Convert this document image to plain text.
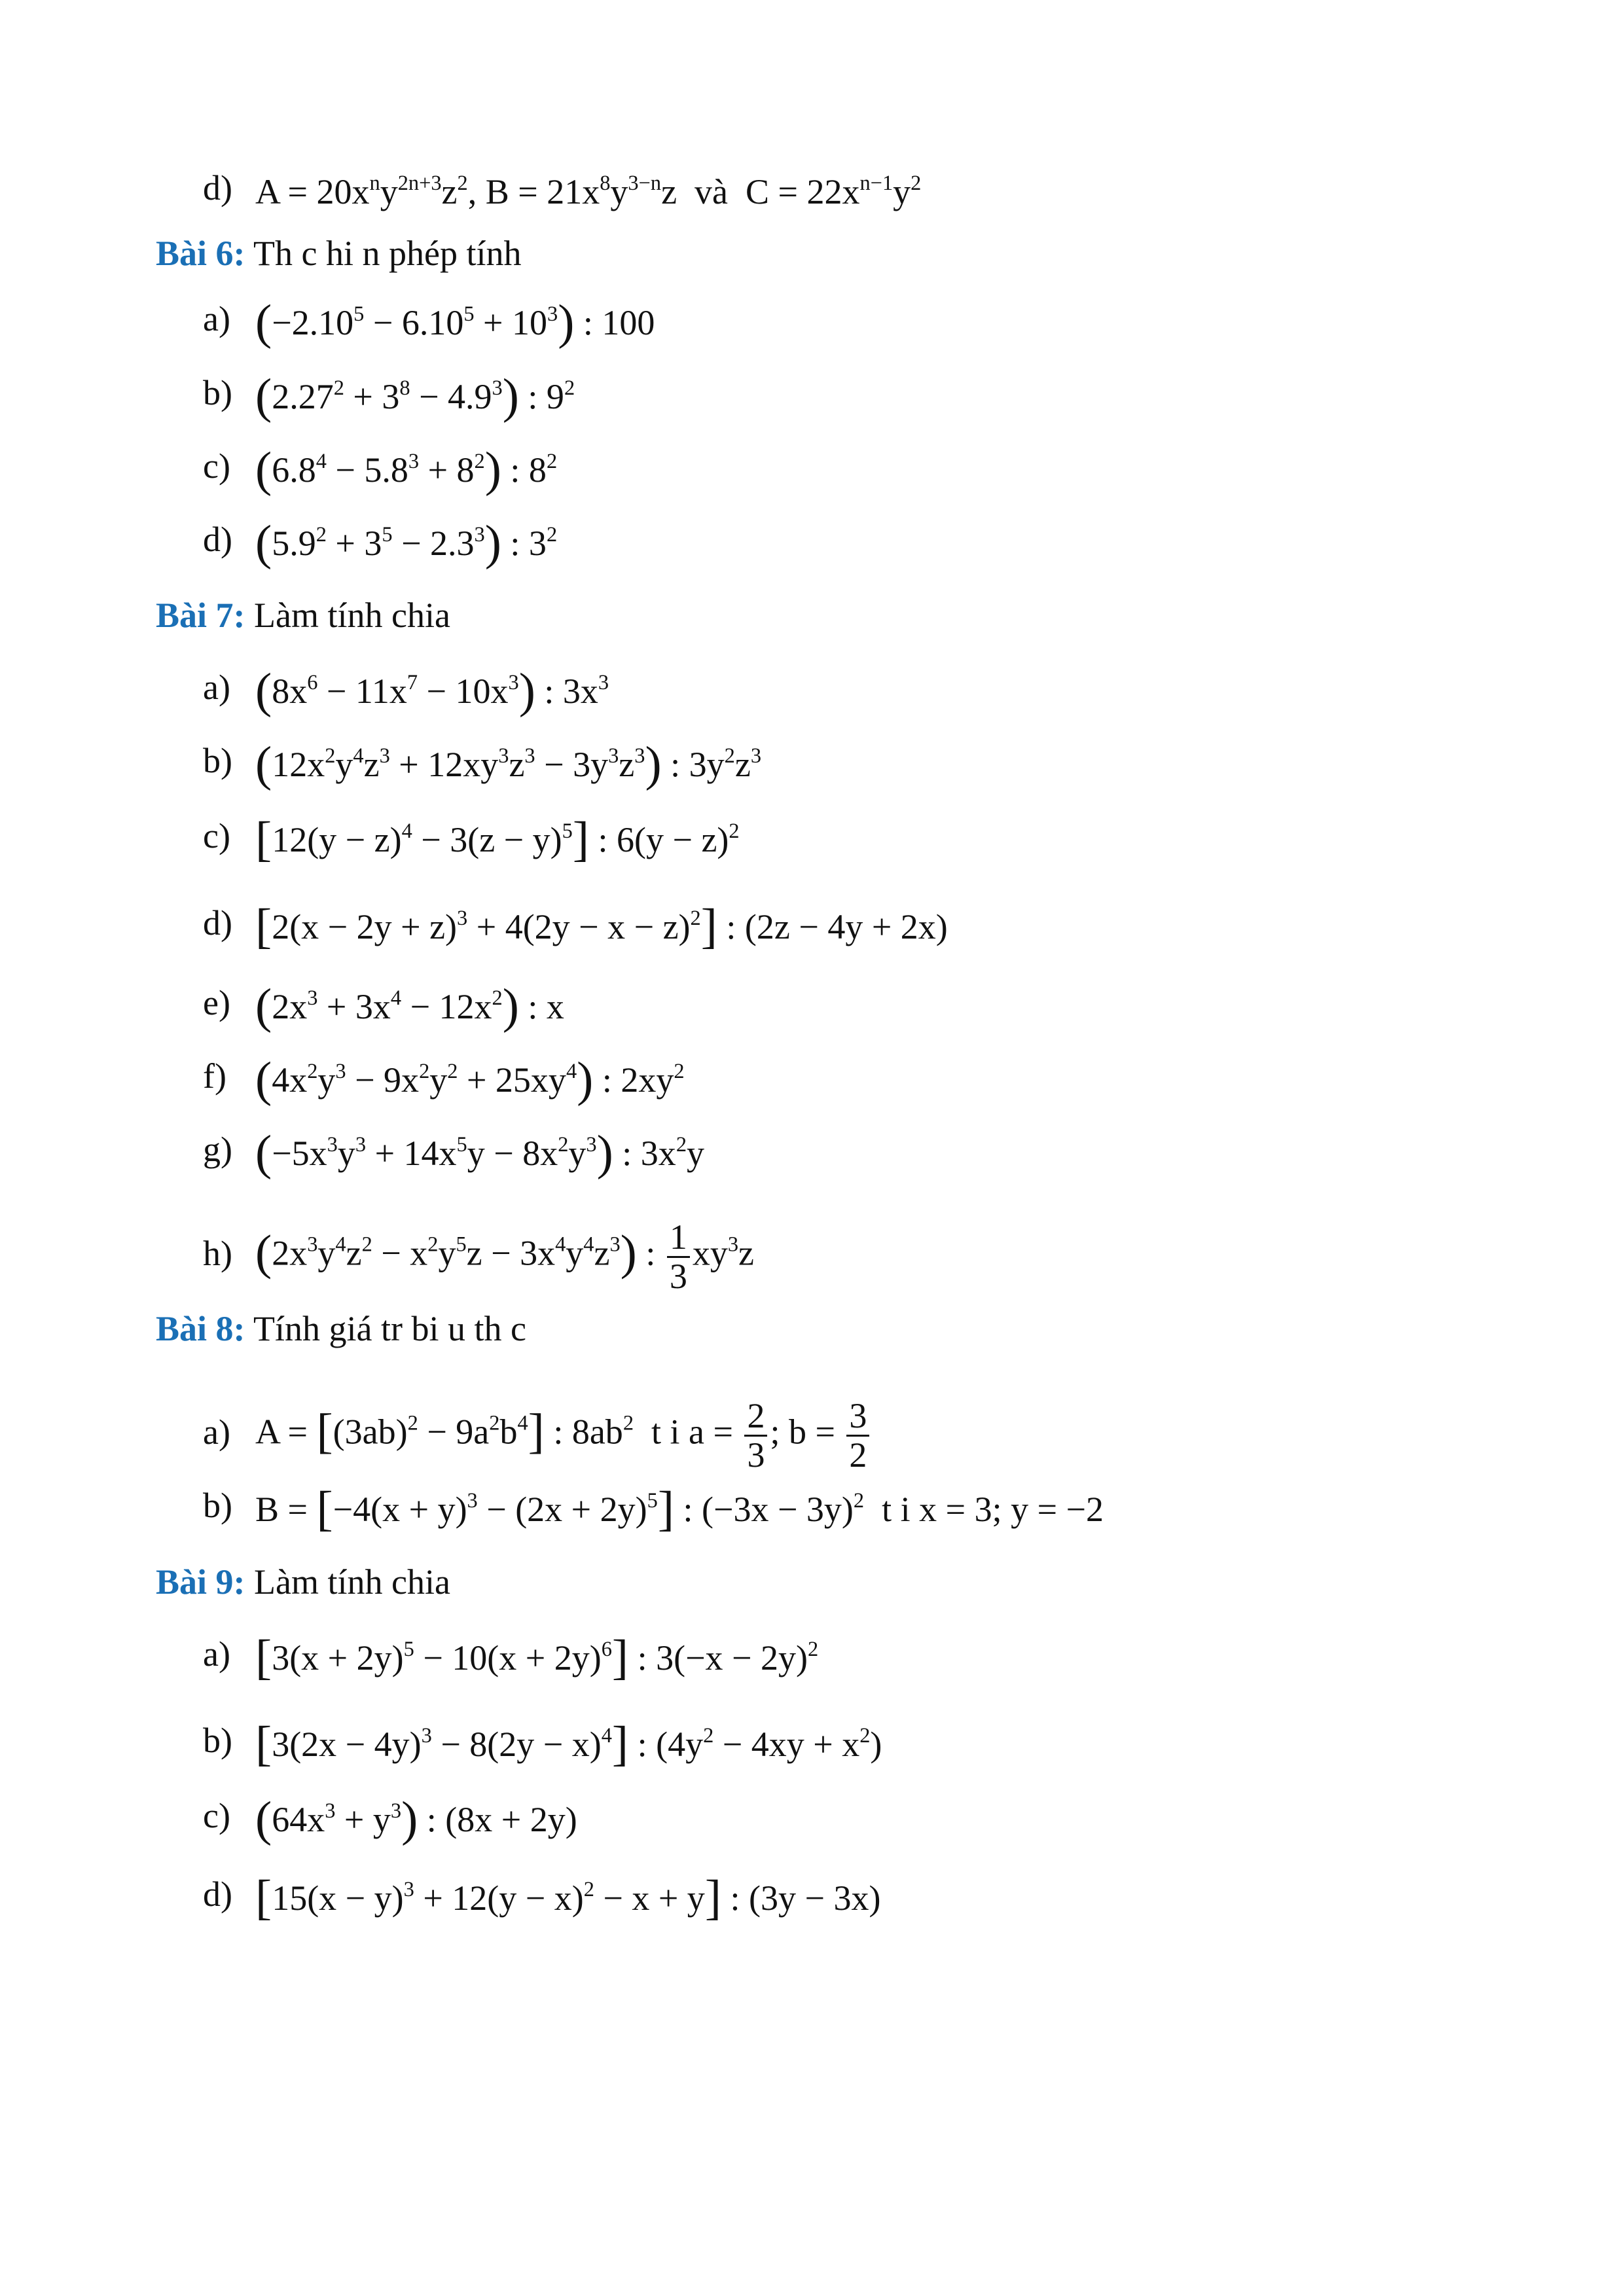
d) $A = 20x^ny^{2n+3}z^2$, $B = 21x^8y^{3-n}z$  và  $C = 22x^{n-1}y^2$
Bài 6: Th c hi n phép tính
a) $(-2.10^5 - 6.10^5 + 10^3)$ : 100
b) $(2.27^2 + 3^8 - 4.9^3)$ : $9^2$
c) $(6.8^4 - 5.8^3 + 8^2)$ : $8^2$
d) $(5.9^2 + 3^5 - 2.3^3)$ : $3^2$
Bài 7: Làm tính chia
a) $(8x^6 - 11x^7 - 10x^3)$ : $3x^3$
b) $(12x^2y^4z^3 + 12xy^3z^3 - 3y^3z^3)$ : $3y^2z^3$
c) $[12(y - z)^4 - 3(z - y)^5]$ : $6(y - z)^2$
d) $[2(x - 2y + z)^3 + 4(2y - x - z)^2]$ : (2z − 4y + 2x)
e) $(2x^3 + 3x^4 - 12x^2)$ : x
f) $(4x^2y^3 - 9x^2y^2 + 25xy^4)$ : $2xy^2$
g) $(-5x^3y^3 + 14x^5y - 8x^2y^3)$ : $3x^2y$
h) $(2x^3y^4z^2 - x^2y^5z - 3x^4y^4z^3)$ : $\frac{1}{3} xy^3z$
Bài 8: Tính giá tr bi u th c
a) $A = [(3ab)^2 - 9a^2b^4]$ : $8ab^2$  t i $a = \frac{2}{3}$ ; $b = \frac{3}{2}$
b) $B = [-4(x + y)^3 - (2x + 2y)^5]$ : $(-3x - 3y)^2$  t i x = 3; y = −2
Bài 9: Làm tính chia
a) $[3(x + 2y)^5 - 10(x + 2y)^6]$ : $3(-x - 2y)^2$
b) $[3(2x - 4y)^3 - 8(2y - x)^4]$ : $(4y^2 - 4xy + x^2)$
c) $(64x^3 + y^3)$ : (8x + 2y)
d) $[15(x - y)^3 + 12(y - x)^2 - x + y]$ : (3y − 3x)
